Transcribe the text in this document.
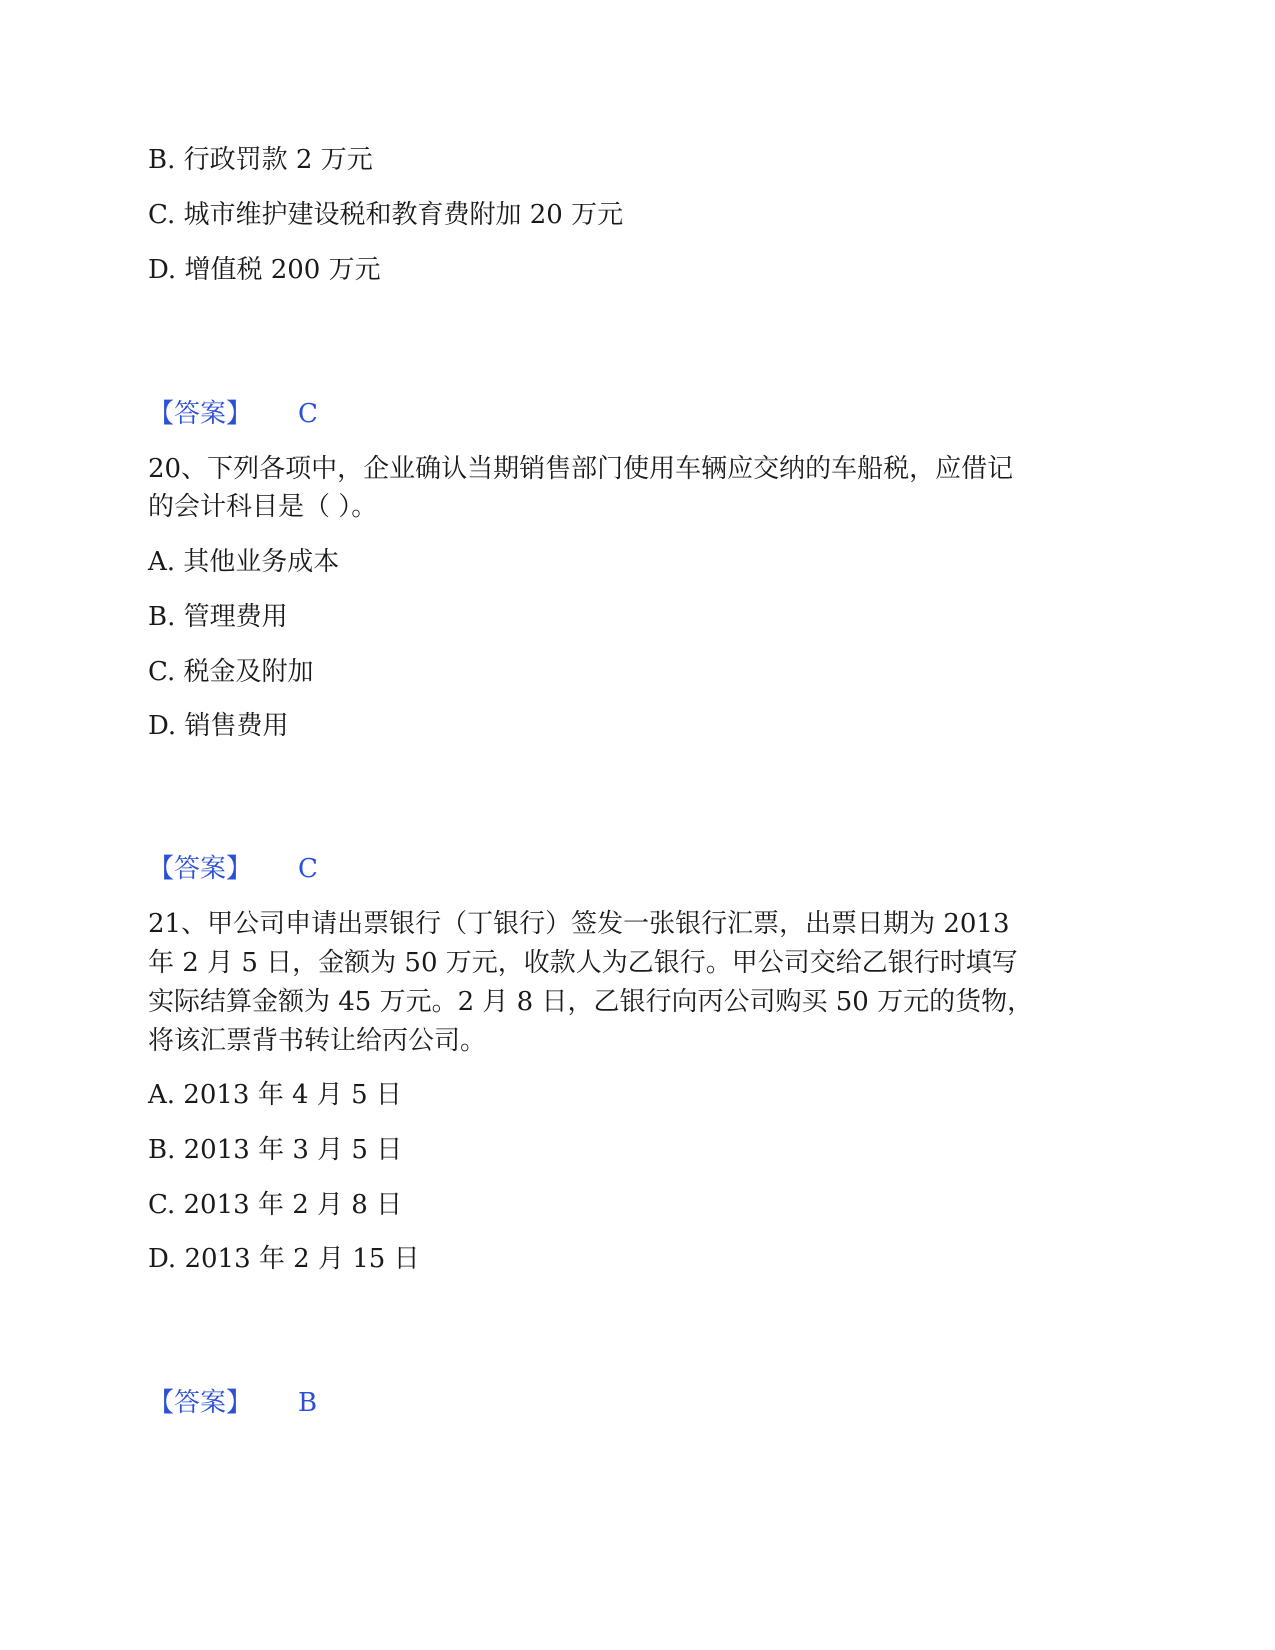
B. 行政罚款 2 万元
C. 城市维护建设税和教育费附加 20 万元
D. 增值税 200 万元
【答案】 C
20、下列各项中，企业确认当期销售部门使用车辆应交纳的车船税，应借记
的会计科目是（ ）。
A. 其他业务成本
B. 管理费用
C. 税金及附加
D. 销售费用
【答案】 C
21、甲公司申请出票银行（丁银行）签发一张银行汇票，出票日期为 2013
年 2 月 5 日，金额为 50 万元，收款人为乙银行。甲公司交给乙银行时填写
实际结算金额为 45 万元。2 月 8 日，乙银行向丙公司购买 50 万元的货物，
将该汇票背书转让给丙公司。
A. 2013 年 4 月 5 日
B. 2013 年 3 月 5 日
C. 2013 年 2 月 8 日
D. 2013 年 2 月 15 日
【答案】 B
